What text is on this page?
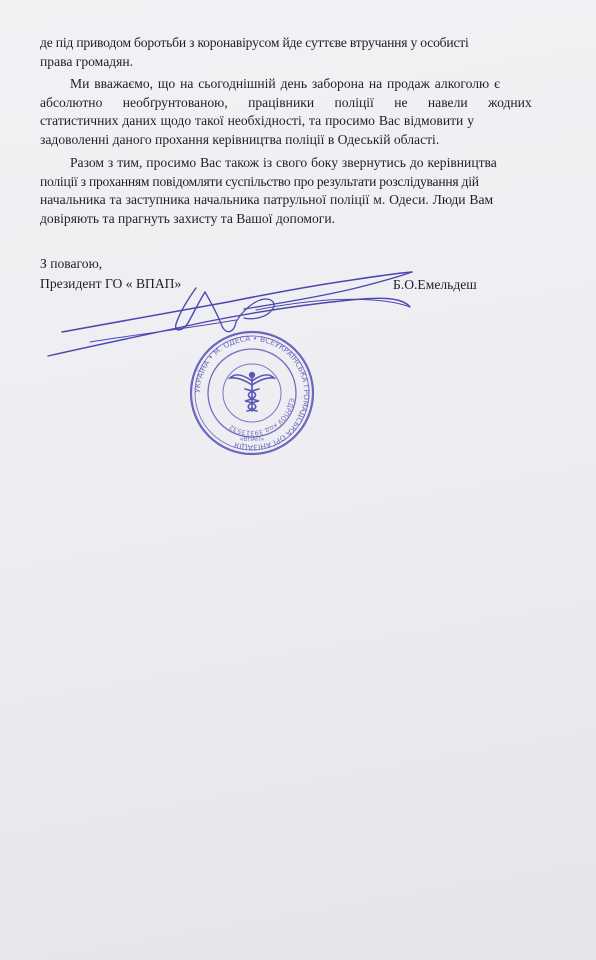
де під приводом боротьби з коронавірусом йде суттєве втручання у особисті
права громадян.
Ми вважаємо, що на сьогоднішній день заборона на продаж алкоголю є
абсолютно необґрунтованою, працівники поліції не навели жодних
статистичних даних щодо такої необхідності, та просимо Вас відмовити у
задоволенні даного прохання керівництва поліції в Одеській області.
Разом з тим, просимо Вас також із свого боку звернутись до керівництва
поліції з проханням повідомляти суспільство про результати розслідування дій
начальника та заступника начальника патрульної поліції м. Одеси. Люди Вам
довіряють та прагнуть захисту та Вашої допомоги.
З повагою,
Президент ГО « ВПАП»	Б.О.Емельдеш
УКРАЇНА • М. ОДЕСА • ВСЕУКРАЇНСЬКА ГРОМАДСЬКА ОРГАНІЗАЦІЯ
ЄДРПОУ код 39313532
«ВПАП»
